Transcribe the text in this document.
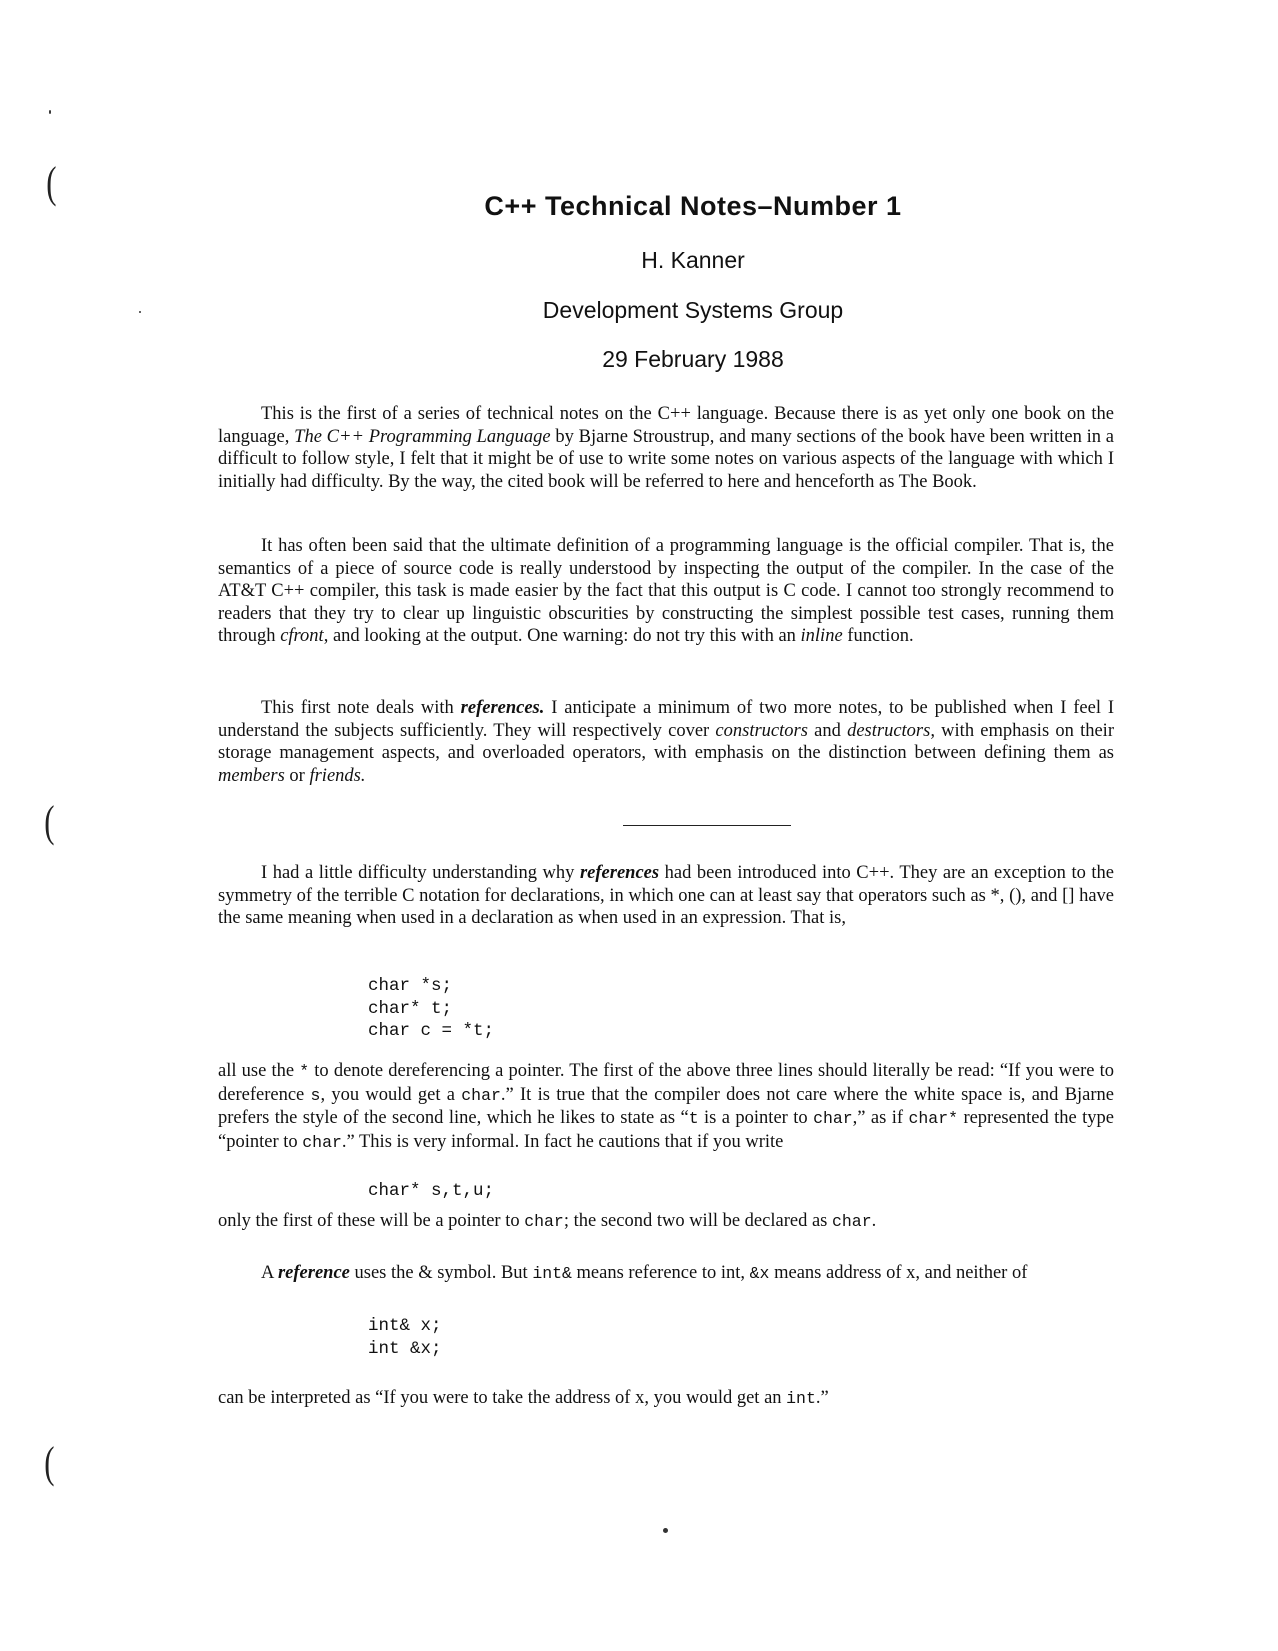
(
(
(
C++ Technical Notes–Number 1
H. Kanner
Development Systems Group
29 February 1988

This is the first of a series of technical notes on the C++ language. Because there is as yet only one book on the language, The C++ Programming Language by Bjarne Stroustrup, and many sections of the book have been written in a difficult to follow style, I felt that it might be of use to write some notes on various aspects of the language with which I initially had difficulty. By the way, the cited book will be referred to here and henceforth as The Book.

It has often been said that the ultimate definition of a programming language is the official compiler. That is, the semantics of a piece of source code is really understood by inspecting the output of the compiler. In the case of the AT&T C++ compiler, this task is made easier by the fact that this output is C code. I cannot too strongly recommend to readers that they try to clear up linguistic obscurities by constructing the simplest possible test cases, running them through cfront, and looking at the output. One warning: do not try this with an inline function.

This first note deals with references. I anticipate a minimum of two more notes, to be published when I feel I understand the subjects sufficiently. They will respectively cover constructors and destructors, with emphasis on their storage management aspects, and overloaded operators, with emphasis on the distinction between defining them as members or friends.

I had a little difficulty understanding why references had been introduced into C++. They are an exception to the symmetry of the terrible C notation for declarations, in which one can at least say that operators such as *, (), and [] have the same meaning when used in a declaration as when used in an expression. That is,

char *s;
char* t;
char c = *t;

all use the * to denote dereferencing a pointer. The first of the above three lines should literally be read: “If you were to dereference s, you would get a char.” It is true that the compiler does not care where the white space is, and Bjarne prefers the style of the second line, which he likes to state as “t is a pointer to char,” as if char* represented the type “pointer to char.” This is very informal. In fact he cautions that if you write

char* s,t,u;

only the first of these will be a pointer to char; the second two will be declared as char.

A reference uses the & symbol. But int& means reference to int, &x means address of x, and neither of

int& x;
int &x;

can be interpreted as “If you were to take the address of x, you would get an int.”
